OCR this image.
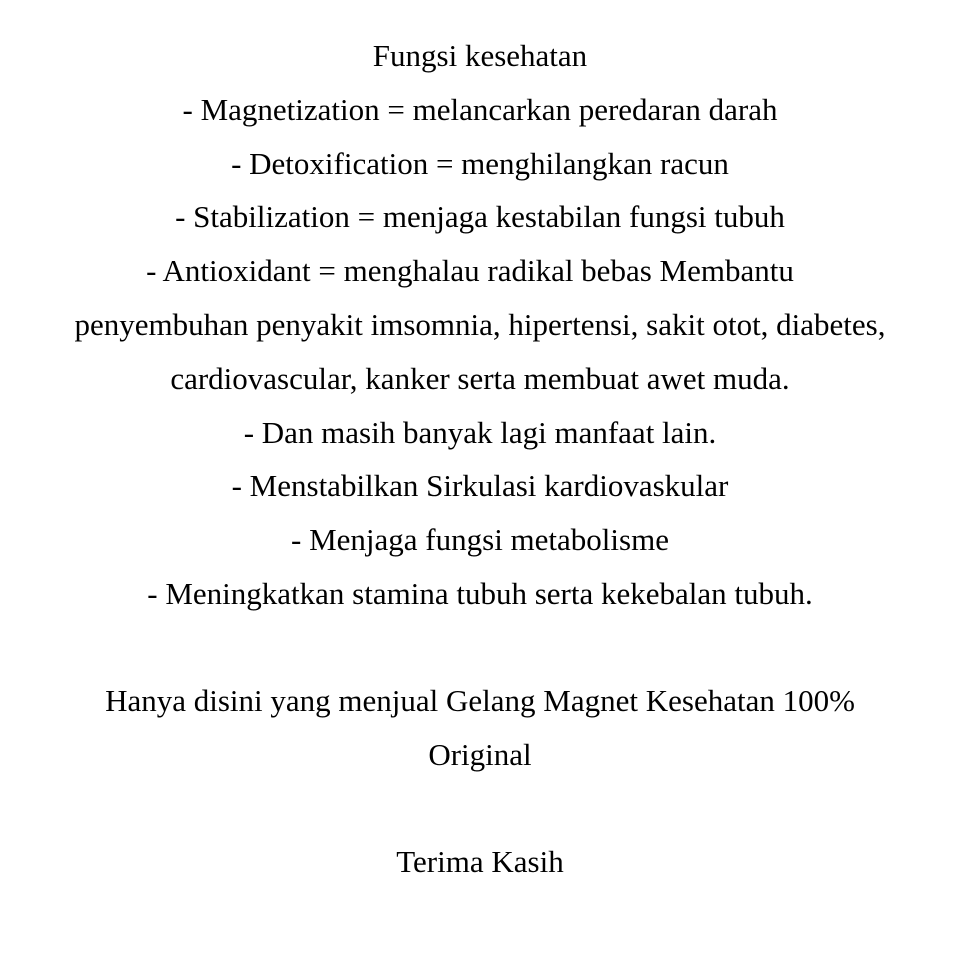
Fungsi kesehatan
- Magnetization = melancarkan peredaran darah
- Detoxification = menghilangkan racun
- Stabilization = menjaga kestabilan fungsi tubuh
- Antioxidant = menghalau radikal bebas Membantu
penyembuhan penyakit imsomnia, hipertensi, sakit otot, diabetes,
cardiovascular, kanker serta membuat awet muda.
- Dan masih banyak lagi manfaat lain.
- Menstabilkan Sirkulasi kardiovaskular
- Menjaga fungsi metabolisme
- Meningkatkan stamina tubuh serta kekebalan tubuh.
Hanya disini yang menjual Gelang Magnet Kesehatan 100%
Original
Terima Kasih
